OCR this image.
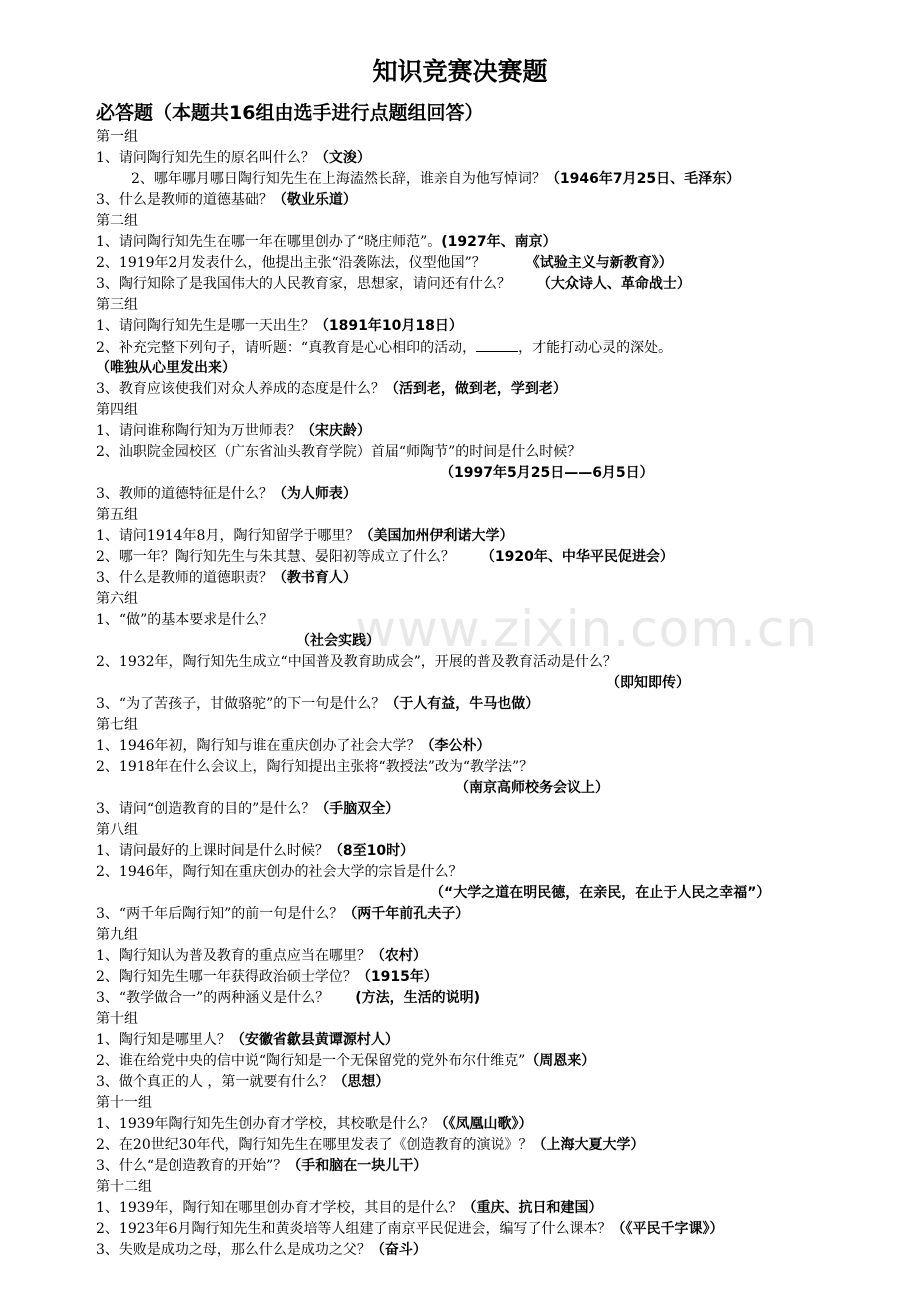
www.zixin.com.cn
知识竞赛决赛题
必答题（本题共16组由选手进行点题组回答）
第一组
1、请问陶行知先生的原名叫什么？（文浚）
2、哪年哪月哪日陶行知先生在上海溘然长辞，谁亲自为他写悼词？（1946年7月25日、毛泽东）
3、什么是教师的道德基础？（敬业乐道）
第二组
1、请问陶行知先生在哪一年在哪里创办了“晓庄师范”。(1927年、南京）
2、1919年2月发表什么，他提出主张“沿袭陈法，仪型他国”？	《试验主义与新教育》）
3、陶行知除了是我国伟大的人民教育家，思想家，请问还有什么？ （大众诗人、革命战士）
第三组
1、请问陶行知先生是哪一天出生？（1891年10月18日）
2、补充完整下列句子，请听题：“真教育是心心相印的活动，	，才能打动心灵的深处。
（唯独从心里发出来）
3、教育应该使我们对众人养成的态度是什么？（活到老，做到老，学到老）
第四组
1、请问谁称陶行知为万世师表？（宋庆龄）
2、汕职院金园校区（广东省汕头教育学院）首届“师陶节”的时间是什么时候？
（1997年5月25日——6月5日）
3、教师的道德特征是什么？（为人师表）
第五组
1、请问1914年8月，陶行知留学于哪里？（美国加州伊利诺大学）
2、哪一年？陶行知先生与朱其慧、晏阳初等成立了什么？ （1920年、中华平民促进会）
3、什么是教师的道德职责？（教书育人）
第六组
1、“做”的基本要求是什么？
（社会实践）
2、1932年，陶行知先生成立“中国普及教育助成会”，开展的普及教育活动是什么？
（即知即传）
3、“为了苦孩子，甘做骆驼”的下一句是什么？（于人有益，牛马也做）
第七组
1、1946年初，陶行知与谁在重庆创办了社会大学？（李公朴）
2、1918年在什么会议上，陶行知提出主张将“教授法”改为“教学法”？
（南京高师校务会议上）
3、请问“创造教育的目的”是什么？（手脑双全）
第八组
1、请问最好的上课时间是什么时候？（8至10时）
2、1946年，陶行知在重庆创办的社会大学的宗旨是什么？
（“大学之道在明民德，在亲民，在止于人民之幸福”）
3、“两千年后陶行知”的前一句是什么？（两千年前孔夫子）
第九组
1、陶行知认为普及教育的重点应当在哪里？（农村）
2、陶行知先生哪一年获得政治硕士学位？（1915年）
3、“教学做合一”的两种涵义是什么？ (方法，生活的说明)
第十组
1、陶行知是哪里人？（安徽省歙县黄谭源村人）
2、谁在给党中央的信中说“陶行知是一个无保留党的党外布尔什维克”（周恩来）
3、做个真正的人 ，第一就要有什么？（思想）
第十一组
1、1939年陶行知先生创办育才学校，其校歌是什么？（《凤凰山歌》）
2、在20世纪30年代，陶行知先生在哪里发表了《创造教育的演说》？（上海大夏大学）
3、什么“是创造教育的开始”？（手和脑在一块儿干）
第十二组
1、1939年，陶行知在哪里创办育才学校，其目的是什么？（重庆、抗日和建国）
2、1923年6月陶行知先生和黄炎培等人组建了南京平民促进会，编写了什么课本？（《平民千字课》）
3、失败是成功之母，那么什么是成功之父？（奋斗）
